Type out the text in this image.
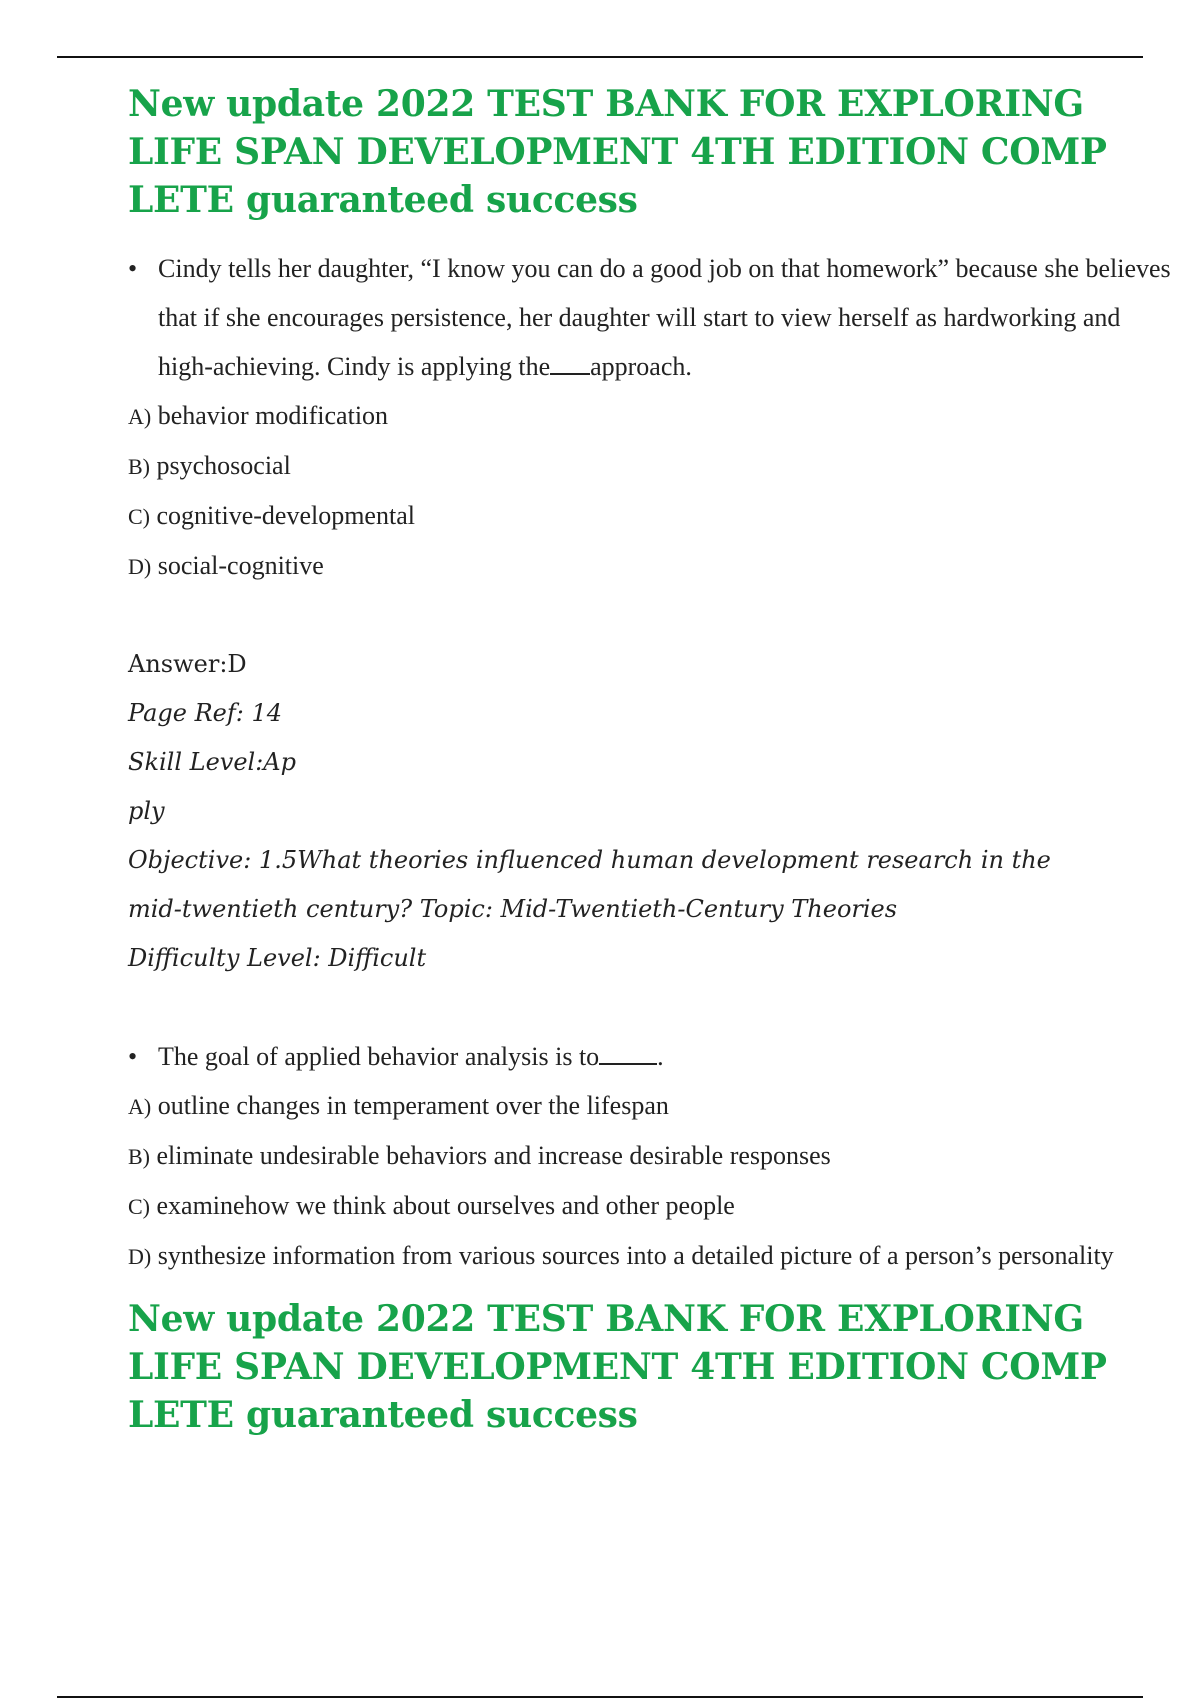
New update 2022 TEST BANK FOR EXPLORING LIFE SPAN DEVELOPMENT 4TH EDITION COMPLETE guaranteed success
• Cindy tells her daughter, “I know you can do a good job on that homework” because she believes that if she encourages persistence, her daughter will start to view herself as hardworking and high-achieving. Cindy is applying the approach.
A) behavior modification
B) psychosocial
C) cognitive-developmental
D) social-cognitive
Answer:D
Page Ref: 14
Skill Level:Ap
ply
Objective: 1.5What theories influenced human development research in the mid-twentieth century? Topic: Mid-Twentieth-Century Theories
Difficulty Level: Difficult
• The goal of applied behavior analysis is to .
A) outline changes in temperament over the lifespan
B) eliminate undesirable behaviors and increase desirable responses
C) examinehow we think about ourselves and other people
D) synthesize information from various sources into a detailed picture of a person’s personality
New update 2022 TEST BANK FOR EXPLORING LIFE SPAN DEVELOPMENT 4TH EDITION COMPLETE guaranteed success
